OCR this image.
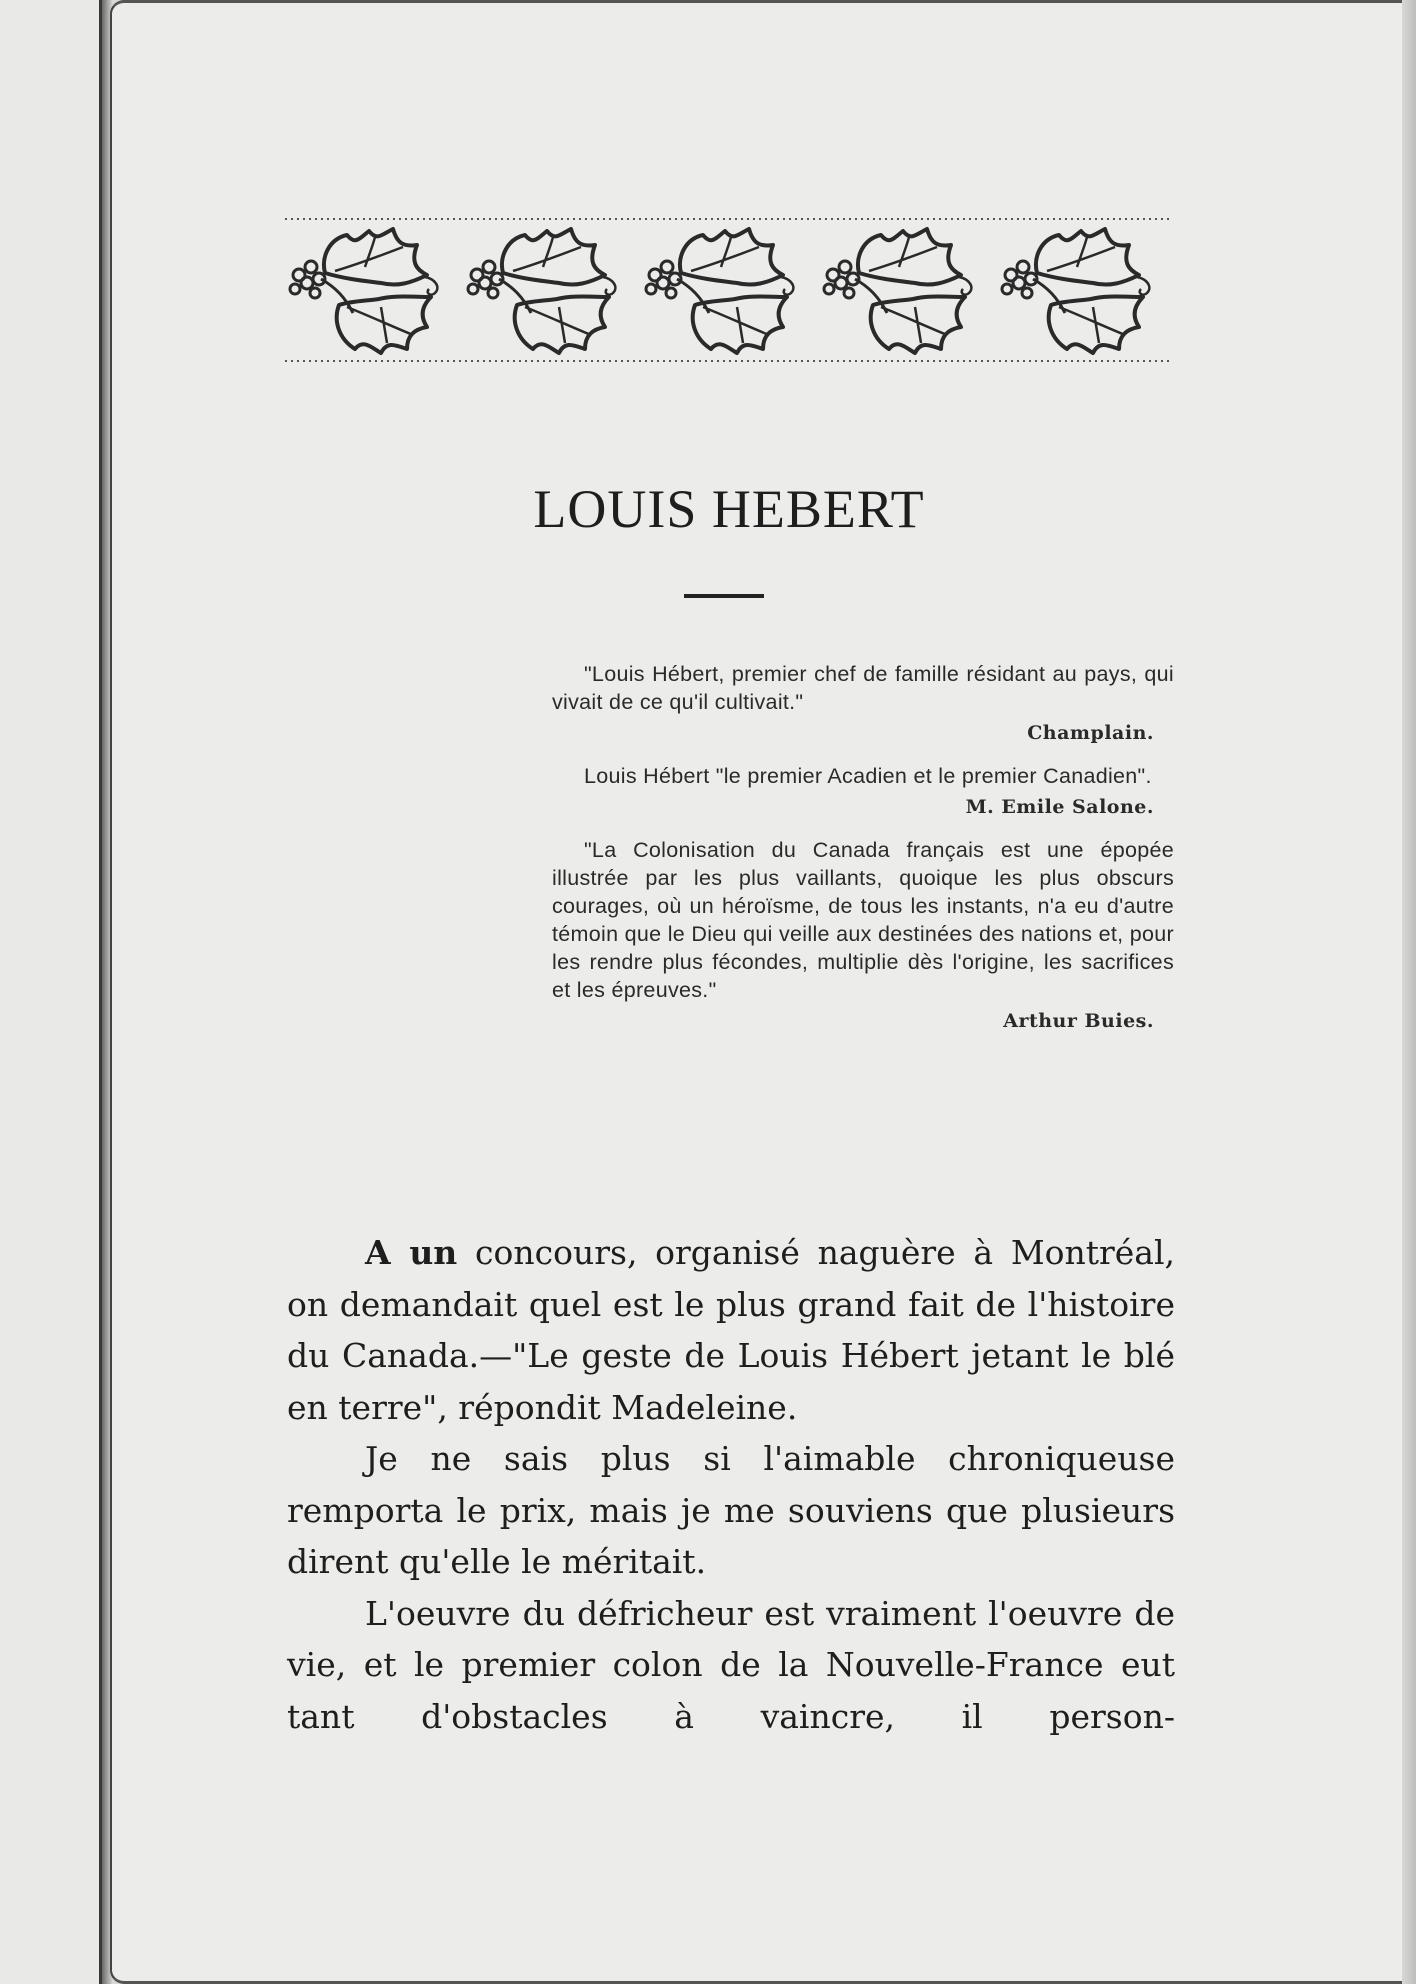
LOUIS HEBERT

"Louis Hébert, premier chef de famille résidant au pays, qui vivait de ce qu'il cultivait."

Champlain.

Louis Hébert "le premier Acadien et le premier Canadien".

M. Emile Salone.

"La Colonisation du Canada français est une épopée illustrée par les plus vaillants, quoique les plus obscurs courages, où un héroïsme, de tous les instants, n'a eu d'autre témoin que le Dieu qui veille aux destinées des nations et, pour les rendre plus fécondes, multiplie dès l'origine, les sacrifices et les épreuves."

Arthur Buies.

A un concours, organisé naguère à Montréal, on demandait quel est le plus grand fait de l'histoire du Canada.—"Le geste de Louis Hébert jetant le blé en terre", répondit Madeleine.

Je ne sais plus si l'aimable chroniqueuse remporta le prix, mais je me souviens que plusieurs dirent qu'elle le méritait.

L'oeuvre du défricheur est vraiment l'oeuvre de vie, et le premier colon de la Nouvelle-France eut tant d'obstacles à vaincre, il person-
